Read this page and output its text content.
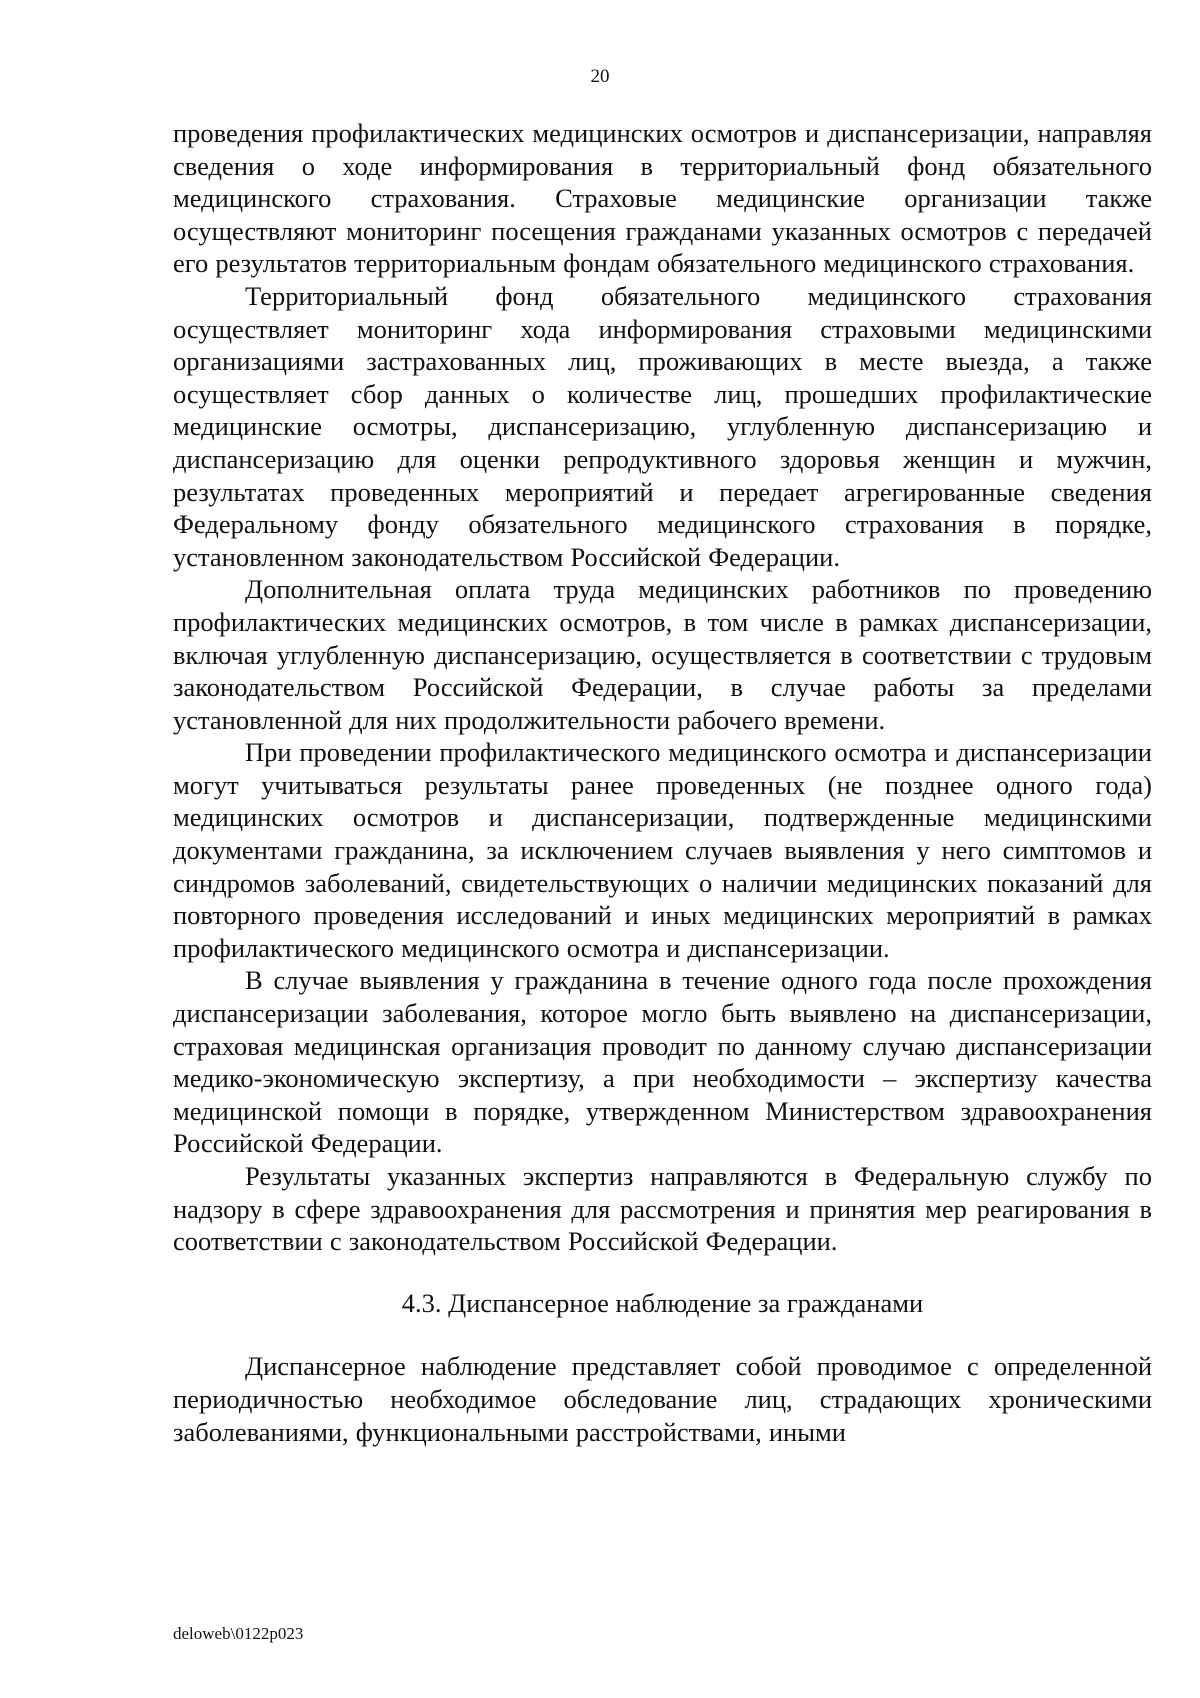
20

проведения профилактических медицинских осмотров и диспансеризации, направляя сведения о ходе информирования в территориальный фонд обязательного медицинского страхования. Страховые медицинские организации также осуществляют мониторинг посещения гражданами указанных осмотров с передачей его результатов территориальным фондам обязательного медицинского страхования.

Территориальный фонд обязательного медицинского страхования осуществляет мониторинг хода информирования страховыми медицинскими организациями застрахованных лиц, проживающих в месте выезда, а также осуществляет сбор данных о количестве лиц, прошедших профилактические медицинские осмотры, диспансеризацию, углубленную диспансеризацию и диспансеризацию для оценки репродуктивного здоровья женщин и мужчин, результатах проведенных мероприятий и передает агрегированные сведения Федеральному фонду обязательного медицинского страхования в порядке, установленном законодательством Российской Федерации.

Дополнительная оплата труда медицинских работников по проведению профилактических медицинских осмотров, в том числе в рамках диспансеризации, включая углубленную диспансеризацию, осуществляется в соответствии с трудовым законодательством Российской Федерации, в случае работы за пределами установленной для них продолжительности рабочего времени.

При проведении профилактического медицинского осмотра и диспансеризации могут учитываться результаты ранее проведенных (не позднее одного года) медицинских осмотров и диспансеризации, подтвержденные медицинскими документами гражданина, за исключением случаев выявления у него симптомов и синдромов заболеваний, свидетельствующих о наличии медицинских показаний для повторного проведения исследований и иных медицинских мероприятий в рамках профилактического медицинского осмотра и диспансеризации.

В случае выявления у гражданина в течение одного года после прохождения диспансеризации заболевания, которое могло быть выявлено на диспансеризации, страховая медицинская организация проводит по данному случаю диспансеризации медико-экономическую экспертизу, а при необходимости – экспертизу качества медицинской помощи в порядке, утвержденном Министерством здравоохранения Российской Федерации.

Результаты указанных экспертиз направляются в Федеральную службу по надзору в сфере здравоохранения для рассмотрения и принятия мер реагирования в соответствии с законодательством Российской Федерации.

4.3. Диспансерное наблюдение за гражданами

Диспансерное наблюдение представляет собой проводимое с определенной периодичностью необходимое обследование лиц, страдающих хроническими заболеваниями, функциональными расстройствами, иными

deloweb\0122p023
